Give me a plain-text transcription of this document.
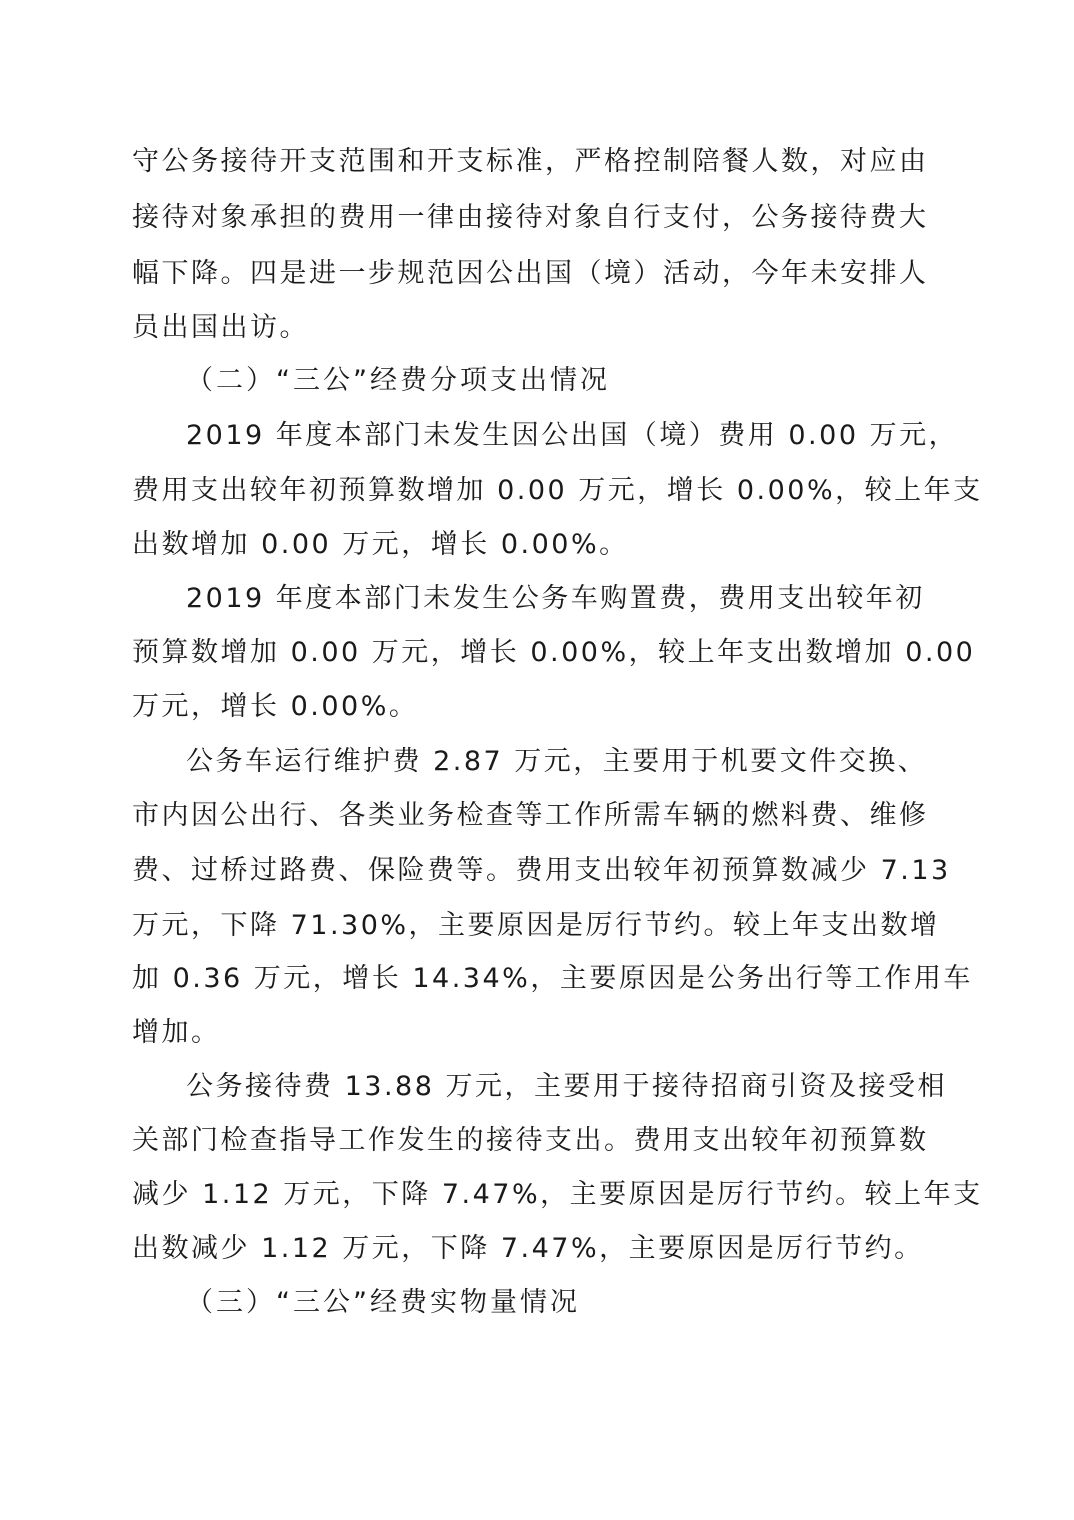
守公务接待开支范围和开支标准，严格控制陪餐人数，对应由
接待对象承担的费用一律由接待对象自行支付，公务接待费大
幅下降。四是进一步规范因公出国（境）活动，今年未安排人
员出国出访。
（二）“三公”经费分项支出情况
2019 年度本部门未发生因公出国（境）费用 0.00 万元，
费用支出较年初预算数增加 0.00 万元，增长 0.00%，较上年支
出数增加 0.00 万元，增长 0.00%。
2019 年度本部门未发生公务车购置费，费用支出较年初
预算数增加 0.00 万元，增长 0.00%，较上年支出数增加 0.00
万元，增长 0.00%。
公务车运行维护费 2.87 万元，主要用于机要文件交换、
市内因公出行、各类业务检查等工作所需车辆的燃料费、维修
费、过桥过路费、保险费等。费用支出较年初预算数减少 7.13
万元，下降 71.30%，主要原因是厉行节约。较上年支出数增
加 0.36 万元，增长 14.34%，主要原因是公务出行等工作用车
增加。
公务接待费 13.88 万元，主要用于接待招商引资及接受相
关部门检查指导工作发生的接待支出。费用支出较年初预算数
减少 1.12 万元，下降 7.47%，主要原因是厉行节约。较上年支
出数减少 1.12 万元，下降 7.47%，主要原因是厉行节约。
（三）“三公”经费实物量情况
